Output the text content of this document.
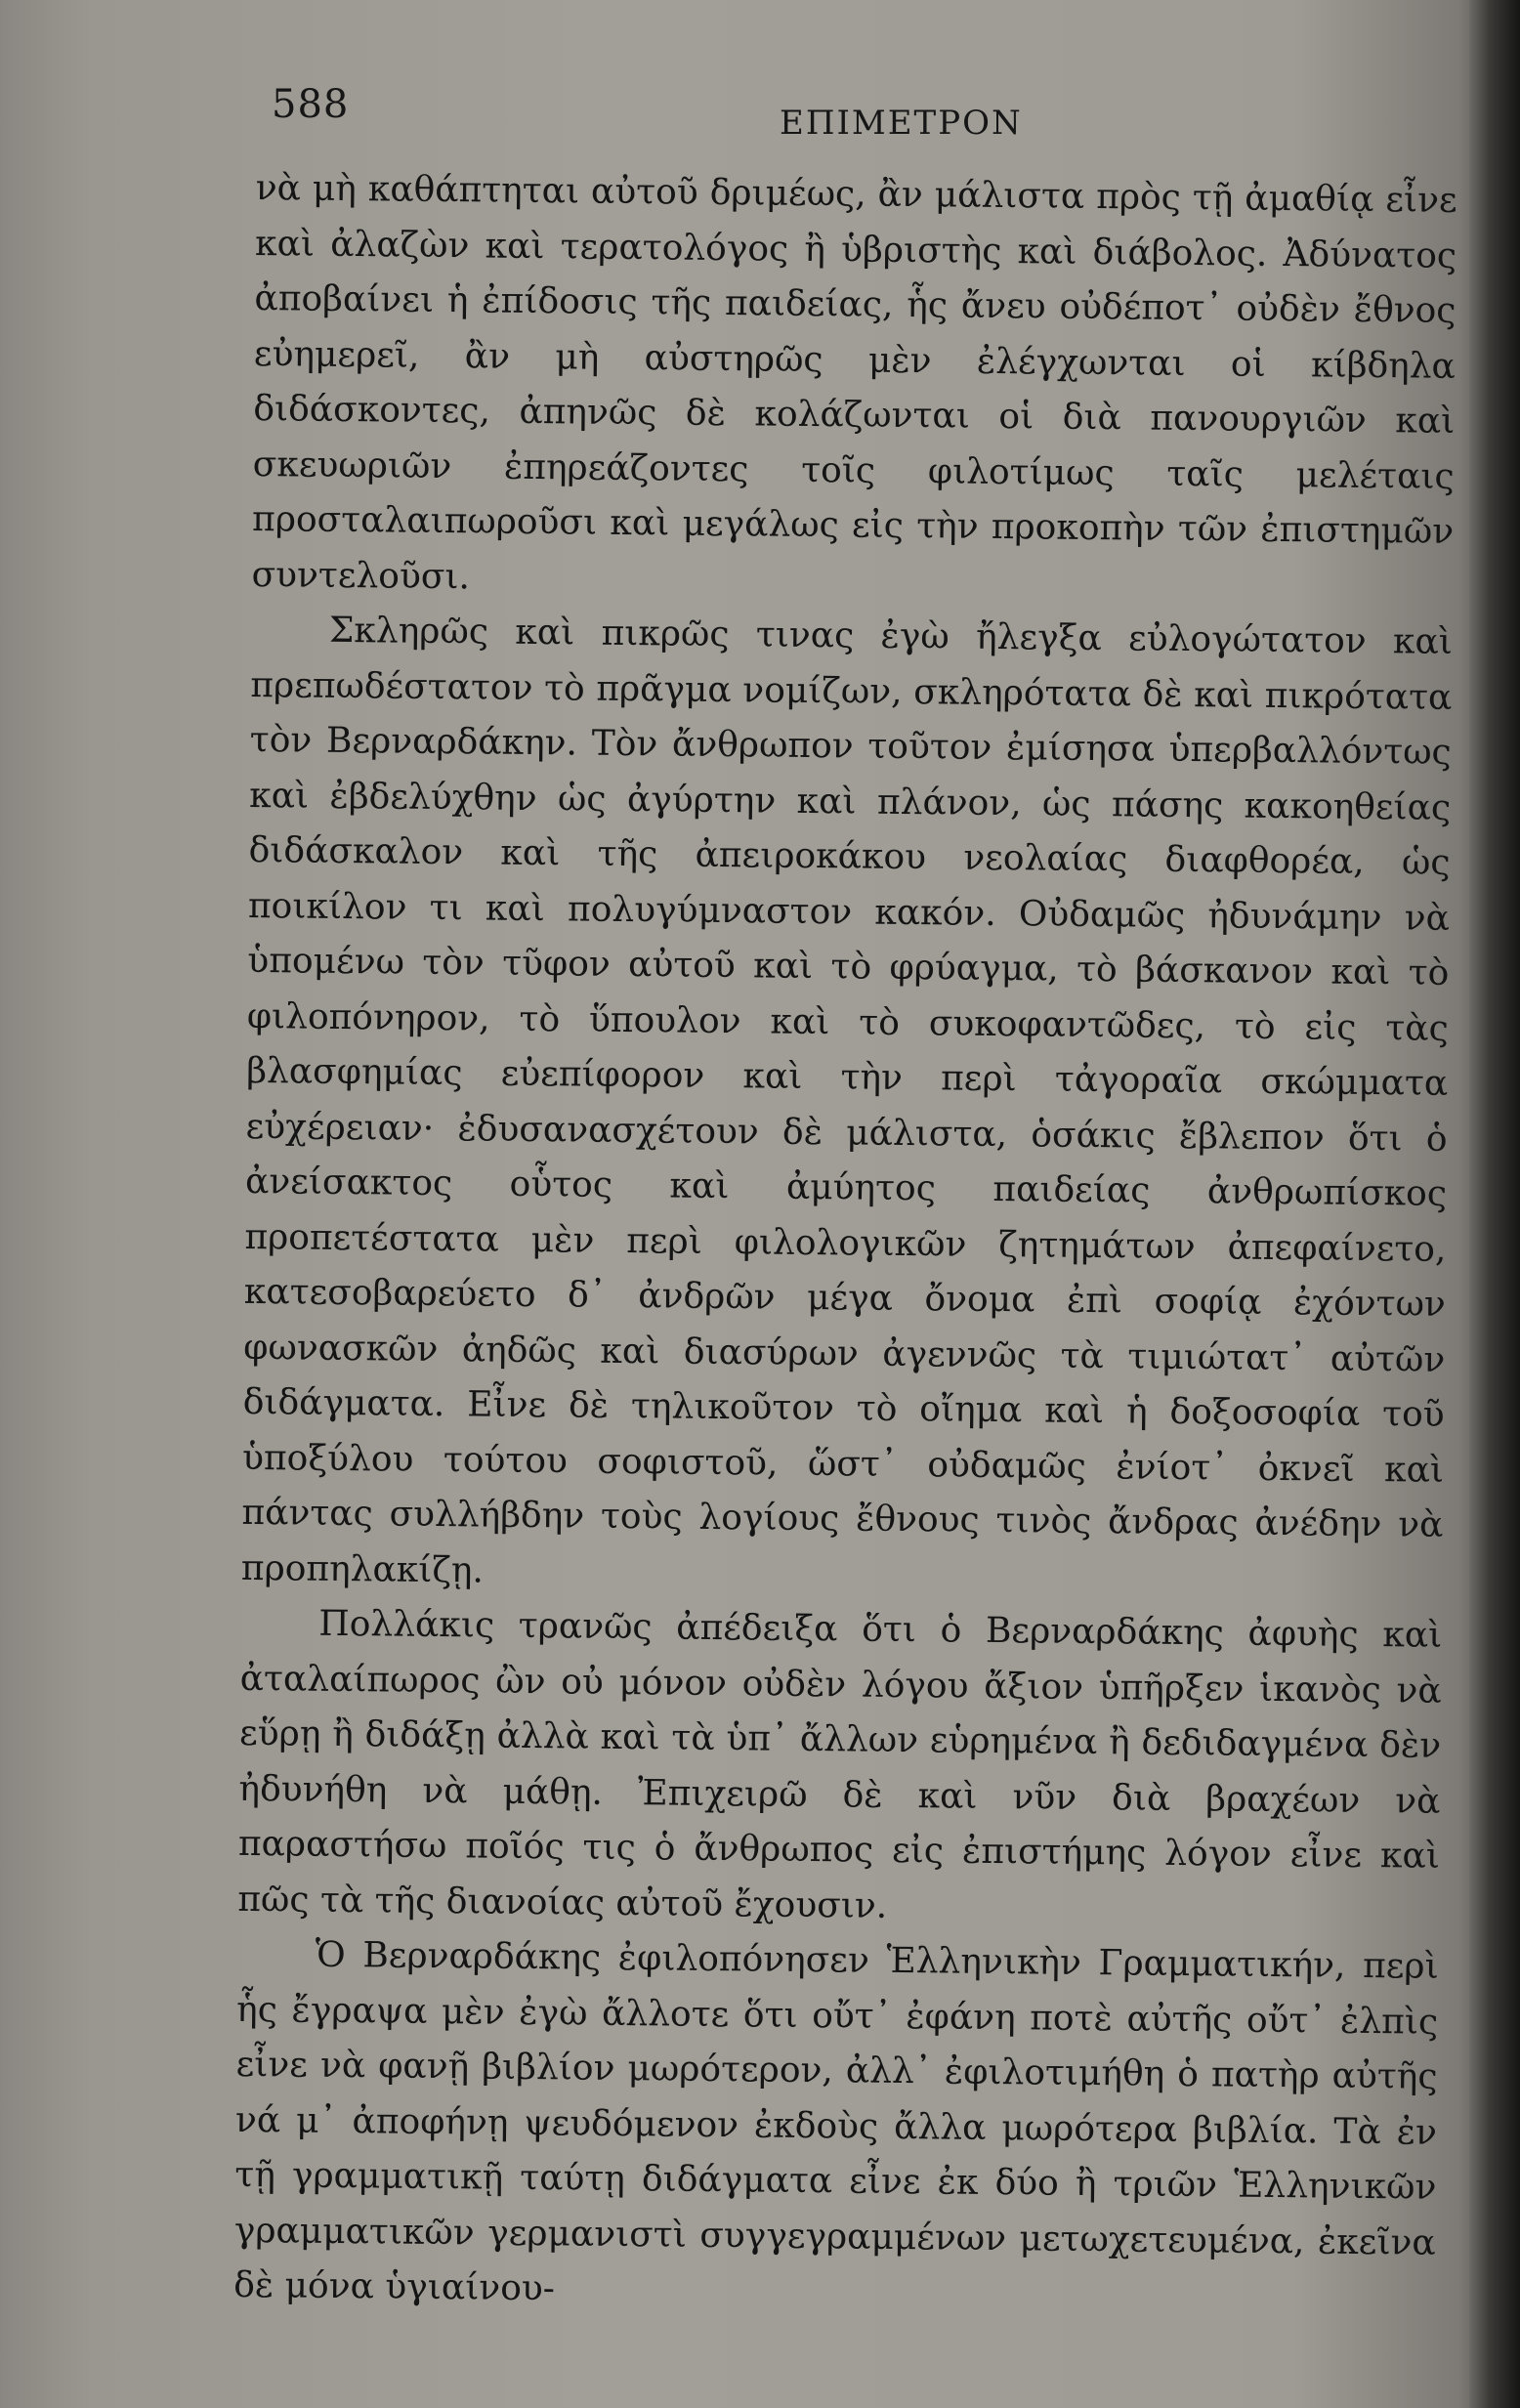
588	ΕΠΙΜΕΤΡΟΝ

νὰ μὴ καθάπτηται αὐτοῦ δριμέως, ἂν μάλιστα πρὸς τῇ ἀμαθίᾳ εἶνε καὶ ἀλαζὼν καὶ τερατολόγος ἢ ὑβριστὴς καὶ διάβολος. Ἀδύνατος ἀποβαίνει ἡ ἐπίδοσις τῆς παιδείας, ἧς ἄνευ οὐδέποτ᾽ οὐδὲν ἔθνος εὐημερεῖ, ἂν μὴ αὐστηρῶς μὲν ἐλέγχωνται οἱ κίβδηλα διδάσκοντες, ἀπηνῶς δὲ κολάζωνται οἱ διὰ πανουργιῶν καὶ σκευωριῶν ἐπηρεάζοντες τοῖς φιλοτίμως ταῖς μελέταις προσταλαιπωροῦσι καὶ μεγάλως εἰς τὴν προκοπὴν τῶν ἐπιστημῶν συντελοῦσι.

Σκληρῶς καὶ πικρῶς τινας ἐγὼ ἤλεγξα εὐλογώτατον καὶ πρεπωδέστατον τὸ πρᾶγμα νομίζων, σκληρότατα δὲ καὶ πικρότατα τὸν Βερναρδάκην. Τὸν ἄνθρωπον τοῦτον ἐμίσησα ὑπερβαλλόντως καὶ ἐβδελύχθην ὡς ἀγύρτην καὶ πλάνον, ὡς πάσης κακοηθείας διδάσκαλον καὶ τῆς ἀπειροκάκου νεολαίας διαφθορέα, ὡς ποικίλον τι καὶ πολυγύμναστον κακόν. Οὐδαμῶς ἠδυνάμην νὰ ὑπομένω τὸν τῦφον αὐτοῦ καὶ τὸ φρύαγμα, τὸ βάσκανον καὶ τὸ φιλοπόνηρον, τὸ ὕπουλον καὶ τὸ συκοφαντῶδες, τὸ εἰς τὰς βλασφημίας εὐεπίφορον καὶ τὴν περὶ τἀγοραῖα σκώμματα εὐχέρειαν· ἐδυσανασχέτουν δὲ μάλιστα, ὁσάκις ἔβλεπον ὅτι ὁ ἀνείσακτος οὗτος καὶ ἀμύητος παιδείας ἀνθρωπίσκος προπετέστατα μὲν περὶ φιλολογικῶν ζητημάτων ἀπεφαίνετο, κατεσοβαρεύετο δ᾽ ἀνδρῶν μέγα ὄνομα ἐπὶ σοφίᾳ ἐχόντων φωνασκῶν ἀηδῶς καὶ διασύρων ἀγεννῶς τὰ τιμιώτατ᾽ αὐτῶν διδάγματα. Εἶνε δὲ τηλικοῦτον τὸ οἴημα καὶ ἡ δοξοσοφία τοῦ ὑποξύλου τούτου σοφιστοῦ, ὥστ᾽ οὐδαμῶς ἐνίοτ᾽ ὀκνεῖ καὶ πάντας συλλήβδην τοὺς λογίους ἔθνους τινὸς ἄνδρας ἀνέδην νὰ προπηλακίζῃ.

Πολλάκις τρανῶς ἀπέδειξα ὅτι ὁ Βερναρδάκης ἀφυὴς καὶ ἀταλαίπωρος ὢν οὐ μόνον οὐδὲν λόγου ἄξιον ὑπῆρξεν ἱκανὸς νὰ εὕρῃ ἢ διδάξῃ ἀλλὰ καὶ τὰ ὑπ᾽ ἄλλων εὑρημένα ἢ δεδιδαγμένα δὲν ἠδυνήθη νὰ μάθῃ. Ἐπιχειρῶ δὲ καὶ νῦν διὰ βραχέων νὰ παραστήσω ποῖός τις ὁ ἄνθρωπος εἰς ἐπιστήμης λόγον εἶνε καὶ πῶς τὰ τῆς διανοίας αὐτοῦ ἔχουσιν.

Ὁ Βερναρδάκης ἐφιλοπόνησεν Ἑλληνικὴν Γραμματικήν, περὶ ἧς ἔγραψα μὲν ἐγὼ ἄλλοτε ὅτι οὔτ᾽ ἐφάνη ποτὲ αὐτῆς οὔτ᾽ ἐλπὶς εἶνε νὰ φανῇ βιβλίον μωρότερον, ἀλλ᾽ ἐφιλοτιμήθη ὁ πατὴρ αὐτῆς νά μ᾽ ἀποφήνῃ ψευδόμενον ἐκδοὺς ἄλλα μωρότερα βιβλία. Τὰ ἐν τῇ γραμματικῇ ταύτῃ διδάγματα εἶνε ἐκ δύο ἢ τριῶν Ἑλληνικῶν γραμματικῶν γερμανιστὶ συγγεγραμμένων μετωχετευμένα, ἐκεῖνα δὲ μόνα ὑγιαίνου-
